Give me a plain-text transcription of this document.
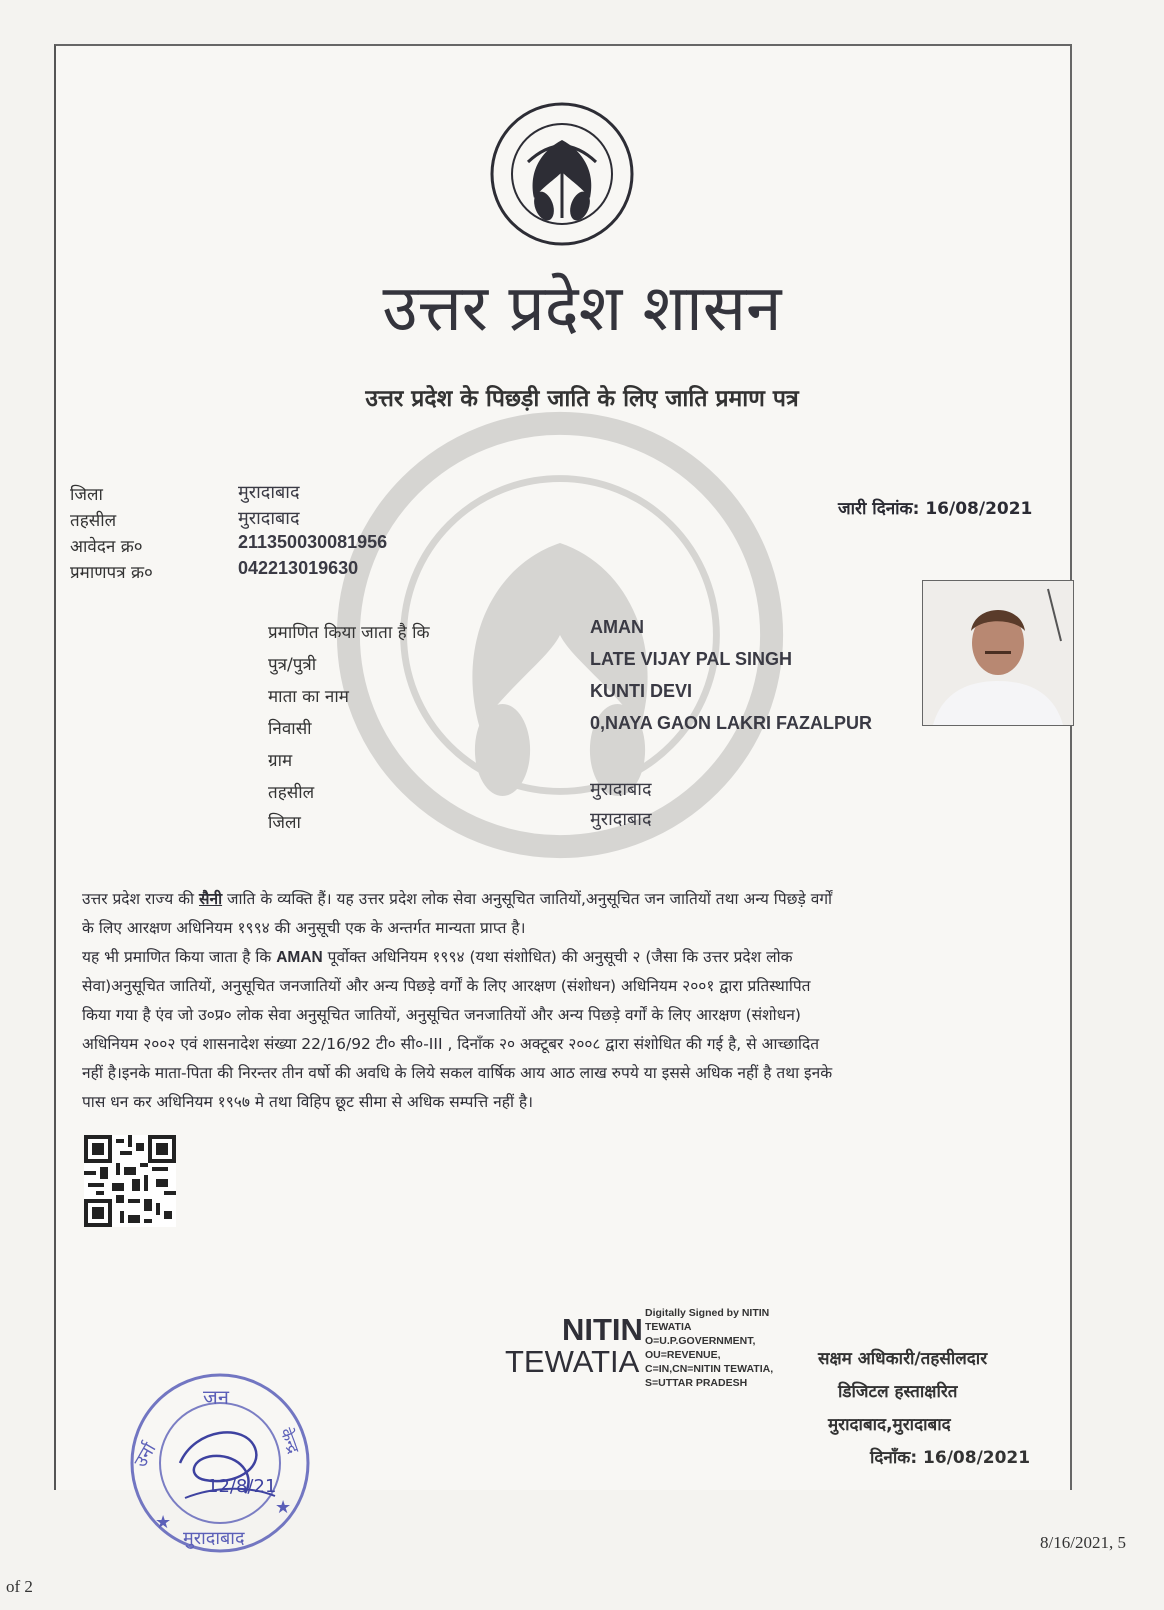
उत्तर प्रदेश शासन
उत्तर प्रदेश के पिछड़ी जाति के लिए जाति प्रमाण पत्र
जिला
तहसील
आवेदन क्र०
प्रमाणपत्र क्र०
मुरादाबाद
मुरादाबाद
211350030081956
042213019630
जारी दिनांक: 16/08/2021
प्रमाणित किया जाता है कि
पुत्र/पुत्री
माता का नाम
निवासी
ग्राम
तहसील
जिला
AMAN
LATE VIJAY PAL SINGH
KUNTI DEVI
0,NAYA GAON LAKRI FAZALPUR
मुरादाबाद
मुरादाबाद
उत्तर प्रदेश राज्य की सैनी जाति के व्यक्ति हैं। यह उत्तर प्रदेश लोक सेवा अनुसूचित जातियों,अनुसूचित जन जातियों तथा अन्य पिछड़े वर्गों
के लिए आरक्षण अधिनियम १९९४ की अनुसूची एक के अन्तर्गत मान्यता प्राप्त है।
यह भी प्रमाणित किया जाता है कि AMAN पूर्वोक्त अधिनियम १९९४ (यथा संशोधित) की अनुसूची २ (जैसा कि उत्तर प्रदेश लोक
सेवा)अनुसूचित जातियों, अनुसूचित जनजातियों और अन्य पिछड़े वर्गों के लिए आरक्षण (संशोधन) अधिनियम २००१ द्वारा प्रतिस्थापित
किया गया है एंव जो उ०प्र० लोक सेवा अनुसूचित जातियों, अनुसूचित जनजातियों और अन्य पिछड़े वर्गों के लिए आरक्षण (संशोधन)
अधिनियम २००२ एवं शासनादेश संख्या 22/16/92 टी० सी०-III , दिनाँक २० अक्टूबर २००८ द्वारा संशोधित की गई है, से आच्छादित
नहीं है।इनके माता-पिता की निरन्तर तीन वर्षो की अवधि के लिये सकल वार्षिक आय आठ लाख रुपये या इससे अधिक नहीं है तथा इनके
पास धन कर अधिनियम १९५७ मे तथा विहिप छूट सीमा से अधिक सम्पत्ति नहीं है।
NITIN
TEWATIA
Digitally Signed by NITIN
TEWATIA
O=U.P.GOVERNMENT,
OU=REVENUE,
C=IN,CN=NITIN TEWATIA,
S=UTTAR PRADESH
सक्षम अधिकारी/तहसीलदार
डिजिटल हस्ताक्षरित
मुरादाबाद,मुरादाबाद
दिनाँक: 16/08/2021
जन
उर्ना	केन्द्र
मुरादाबाद
★
★
12/8/21
of 2
8/16/2021, 5
